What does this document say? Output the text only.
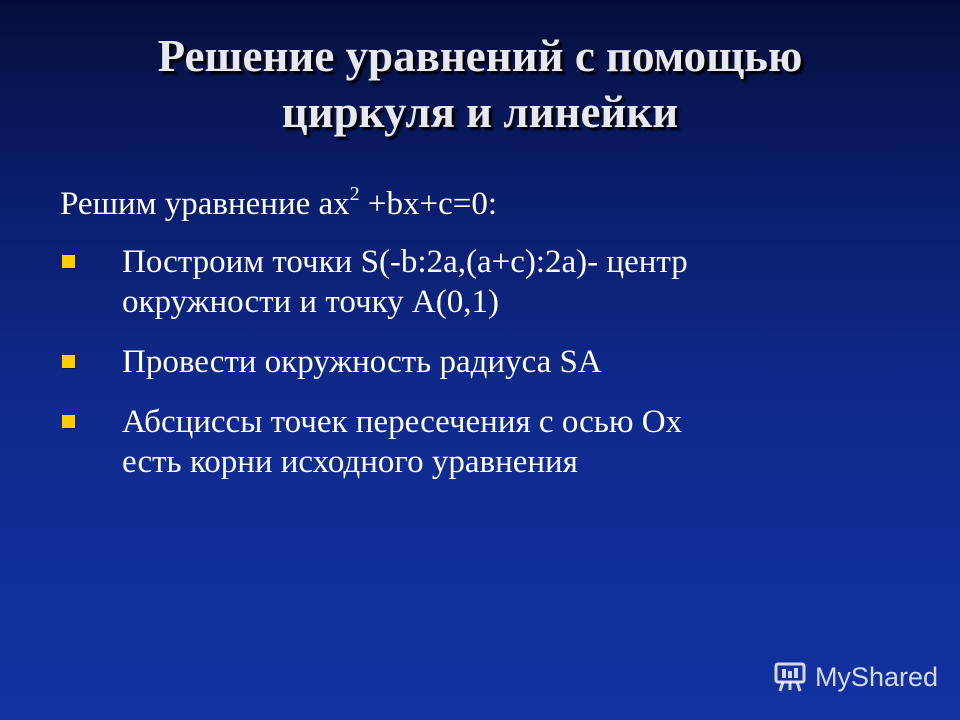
Решение уравнений с помощью
циркуля и линейки
Решим уравнение $ax^2 +bx+c=0$:
Построим точки S(-b:2a,(a+c):2a)- центр
окружности и точку A(0,1)
Провести окружность радиуса SA
Абсциссы точек пересечения с осью Ох
есть корни исходного уравнения
MyShared
